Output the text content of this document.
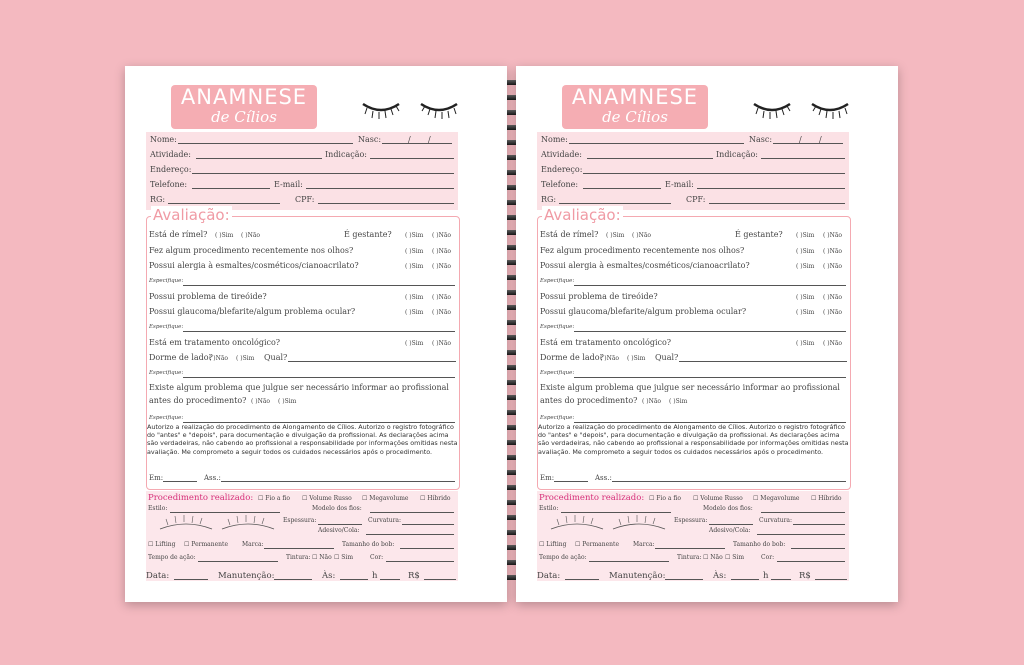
ANAMNESE
de Cílios
Nome:	Nasc:	/ /
Atividade:	Indicação:
Endereço:
Telefone:	E-mail:
RG:	CPF:
Avaliação:
Está de rímel? ( )Sim ( )Não	É gestante? ( )Sim ( )Não
Fez algum procedimento recentemente nos olhos?	( )Sim ( )Não
Possui alergia à esmaltes/cosméticos/cianoacrilato?	( )Sim ( )Não
Especifique:
Possui problema de tireóide?	( )Sim ( )Não
Possui glaucoma/blefarite/algum problema ocular?	( )Sim ( )Não
Especifique:
Está em tratamento oncológico?	( )Sim ( )Não
Dorme de lado?
( )Não ( )Sim Qual?
Especifique:
Existe algum problema que julgue ser necessário informar ao profissional
antes do procedimento? ( )Não ( )Sim
Especifique:
Autorizo a realização do procedimento de Alongamento de Cílios. Autorizo o registro fotográfico do "antes" e "depois", para documentação e divulgação da profissional. As declarações acima são verdadeiras, não cabendo ao profissional a responsabilidade por informações omitidas nesta avaliação. Me comprometo a seguir todos os cuidados necessários após o procedimento.
Em:	Ass.:
Procedimento realizado: ☐ Fio a fio ☐ Volume Russo ☐ Megavolume ☐ Híbrido
Estilo:	Modelo dos fios:
Espessura:	Curvatura:
Adesivo/Cola:
☐ Lifting ☐ Permanente Marca:	Tamanho do bob:
Tempo de ação:	Tintura: ☐ Não ☐ Sim	Cor:
Data:	Manutenção:	Às:	h	R$
ANAMNESE
de Cílios
Nome:	Nasc:	/ /
Atividade:	Indicação:
Endereço:
Telefone:	E-mail:
RG:	CPF:
Avaliação:
Está de rímel? ( )Sim ( )Não	É gestante? ( )Sim ( )Não
Fez algum procedimento recentemente nos olhos?	( )Sim ( )Não
Possui alergia à esmaltes/cosméticos/cianoacrilato?	( )Sim ( )Não
Especifique:
Possui problema de tireóide?	( )Sim ( )Não
Possui glaucoma/blefarite/algum problema ocular?	( )Sim ( )Não
Especifique:
Está em tratamento oncológico?	( )Sim ( )Não
Dorme de lado?
( )Não ( )Sim Qual?
Especifique:
Existe algum problema que julgue ser necessário informar ao profissional
antes do procedimento? ( )Não ( )Sim
Especifique:
Autorizo a realização do procedimento de Alongamento de Cílios. Autorizo o registro fotográfico do "antes" e "depois", para documentação e divulgação da profissional. As declarações acima são verdadeiras, não cabendo ao profissional a responsabilidade por informações omitidas nesta avaliação. Me comprometo a seguir todos os cuidados necessários após o procedimento.
Em:	Ass.:
Procedimento realizado: ☐ Fio a fio ☐ Volume Russo ☐ Megavolume ☐ Híbrido
Estilo:	Modelo dos fios:
Espessura:	Curvatura:
Adesivo/Cola:
☐ Lifting ☐ Permanente Marca:	Tamanho do bob:
Tempo de ação:	Tintura: ☐ Não ☐ Sim	Cor:
Data:	Manutenção:	Às:	h	R$
